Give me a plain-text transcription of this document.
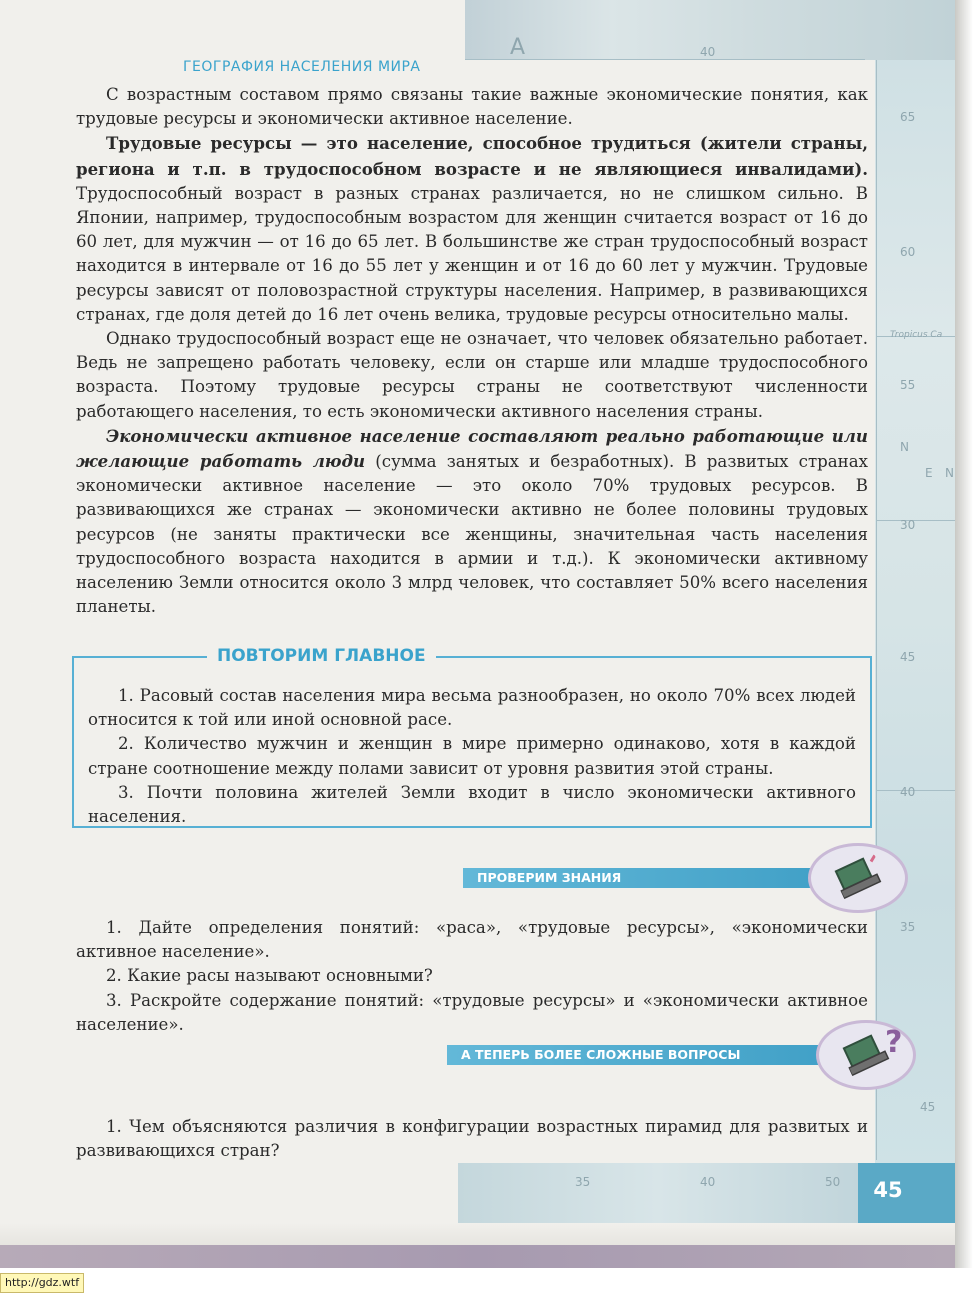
A	40
65
60
Tropicus Ca
55
N
E N
30
45
40
35
35	40	50
45
45
ГЕОГРАФИЯ НАСЕЛЕНИЯ МИРА

С возрастным составом прямо связаны такие важные экономические понятия, как трудовые ресурсы и экономически активное население.

Трудовые ресурсы — это население, способное трудиться (жители страны, региона и т.п. в трудоспособном возрасте и не являющиеся инвалидами). Трудоспособный возраст в разных странах различается, но не слишком сильно. В Японии, например, трудоспособным возрастом для женщин считается возраст от 16 до 60 лет, для мужчин — от 16 до 65 лет. В большинстве же стран трудоспособный возраст находится в интервале от 16 до 55 лет у женщин и от 16 до 60 лет у мужчин. Трудовые ресурсы зависят от половозрастной структуры населения. Например, в развивающихся странах, где доля детей до 16 лет очень велика, трудовые ресурсы относительно малы.

Однако трудоспособный возраст еще не означает, что человек обязательно работает. Ведь не запрещено работать человеку, если он старше или младше трудоспособного возраста. Поэтому трудовые ресурсы страны не соответствуют численности работающего населения, то есть экономически активного населения страны.

Экономически активное население составляют реально работающие или желающие работать люди (сумма занятых и безработных). В развитых странах экономически активное население — это около 70% трудовых ресурсов. В развивающихся же странах — экономически активно не более половины трудовых ресурсов (не заняты практически все женщины, значительная часть населения трудоспособного возраста находится в армии и т.д.). К экономически активному населению Земли относится около 3 млрд человек, что составляет 50% всего населения планеты.

ПОВТОРИМ ГЛАВНОЕ

1. Расовый состав населения мира весьма разнообразен, но около 70% всех людей относится к той или иной основной расе.

2. Количество мужчин и женщин в мире примерно одинаково, хотя в каждой стране соотношение между полами зависит от уровня развития этой страны.

3. Почти половина жителей Земли входит в число экономически активного населения.

ПРОВЕРИМ ЗНАНИЯ

1. Дайте определения понятий: «раса», «трудовые ресурсы», «экономически активное население».

2. Какие расы называют основными?

3. Раскройте содержание понятий: «трудовые ресурсы» и «экономически активное население».

А ТЕПЕРЬ БОЛЕЕ СЛОЖНЫЕ ВОПРОСЫ	?

1. Чем объясняются различия в конфигурации возрастных пирамид для развитых и развивающихся стран?

http://gdz.wtf
